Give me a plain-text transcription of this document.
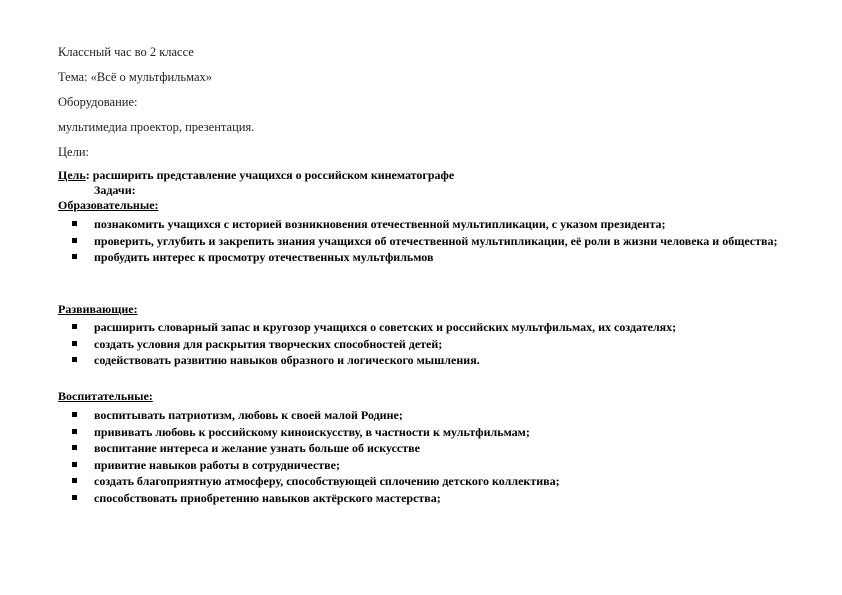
Классный час во 2 классе
Тема: «Всё о мультфильмах»
Оборудование:
мультимедиа проектор, презентация.
Цели:
Цель: расширить представление учащихся о российском кинематографе
Задачи:
Образовательные:
познакомить учащихся с историей возникновения отечественной мультипликации, с указом президента;
проверить, углубить и закрепить знания учащихся об отечественной мультипликации, её роли в жизни человека и общества;
пробудить интерес к просмотру отечественных мультфильмов
Развивающие:
расширить словарный запас и кругозор учащихся о советских и российских мультфильмах, их создателях;
создать условия для раскрытия творческих способностей детей;
содействовать развитию навыков образного и логического мышления.
Воспитательные:
воспитывать патриотизм, любовь к своей малой Родине;
прививать любовь к российскому киноискусству, в частности к мультфильмам;
воспитание интереса и желание узнать больше об искусстве
привитие навыков работы в сотрудничестве;
создать благоприятную атмосферу, способствующей сплочению детского коллектива;
способствовать приобретению навыков актёрского мастерства;
